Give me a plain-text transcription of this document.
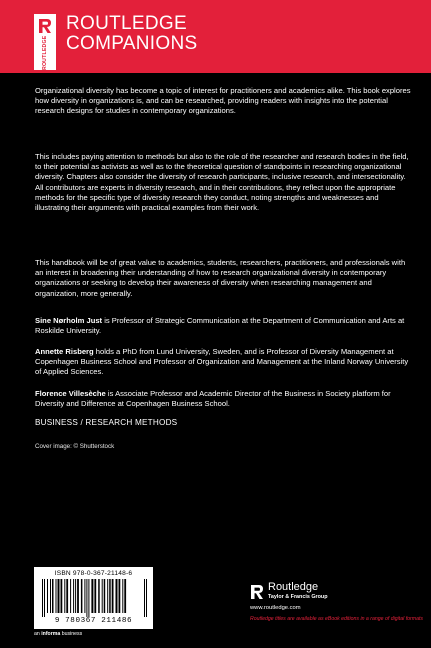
ROUTLEDGE
ROUTLEDGE
COMPANIONS

Organizational diversity has become a topic of interest for practitioners and academics alike. This book explores how diversity in organizations is, and can be researched, providing readers with insights into the potential research designs for studies in contemporary organizations.

This includes paying attention to methods but also to the role of the researcher and research bodies in the field, to their potential as activists as well as to the theoretical question of standpoints in researching organizational diversity. Chapters also consider the diversity of research participants, inclusive research, and intersectionality. All contributors are experts in diversity research, and in their contributions, they reflect upon the appropriate methods for the specific type of diversity research they conduct, noting strengths and weaknesses and illustrating their arguments with practical examples from their work.

This handbook will be of great value to academics, students, researchers, practitioners, and professionals with an interest in broadening their understanding of how to research organizational diversity in contemporary organizations or seeking to develop their awareness of diversity when researching management and organization, more generally.

Sine Nørholm Just is Professor of Strategic Communication at the Department of Communication and Arts at Roskilde University.

Annette Risberg holds a PhD from Lund University, Sweden, and is Professor of Diversity Management at Copenhagen Business School and Professor of Organization and Management at the Inland Norway University of Applied Sciences.

Florence Villesèche is Associate Professor and Academic Director of the Business in Society platform for Diversity and Difference at Copenhagen Business School.

BUSINESS / RESEARCH METHODS
Cover image: © Shutterstock
ISBN 978-0-367-21148-6
9 780367 211486
an informa business
Routledge
Taylor & Francis Group
www.routledge.com
Routledge titles are available as eBook editions in a range of digital formats
